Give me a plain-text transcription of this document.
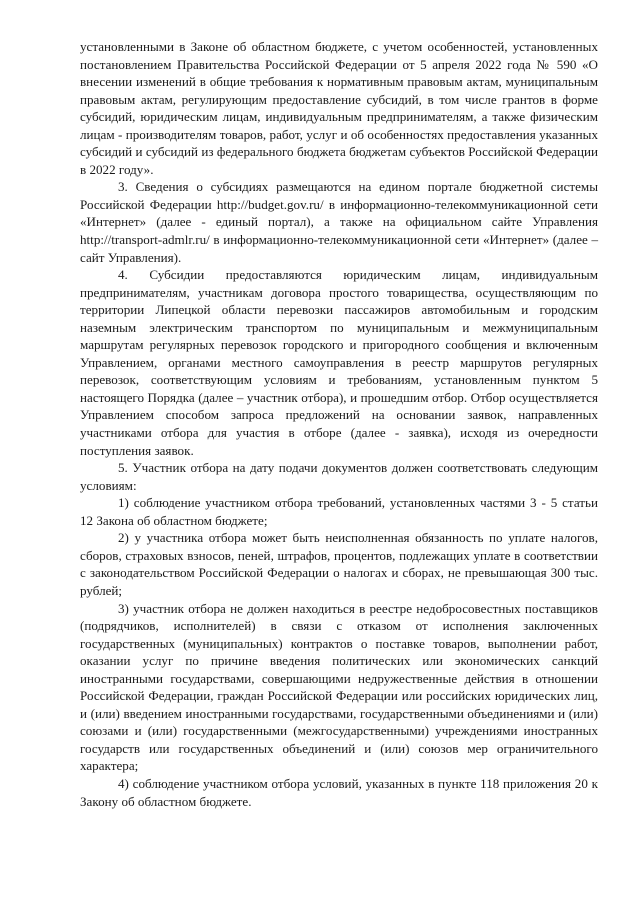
установленными в Законе об областном бюджете, с учетом особенностей, установленных постановлением Правительства Российской Федерации от 5 апреля 2022 года № 590 «О внесении изменений в общие требования к нормативным правовым актам, муниципальным правовым актам, регулирующим предоставление субсидий, в том числе грантов в форме субсидий, юридическим лицам, индивидуальным предпринимателям, а также физическим лицам - производителям товаров, работ, услуг и об особенностях предоставления указанных субсидий и субсидий из федерального бюджета бюджетам субъектов Российской Федерации в 2022 году».

3. Сведения о субсидиях размещаются на едином портале бюджетной системы Российской Федерации http://budget.gov.ru/ в информационно-телекоммуникационной сети «Интернет» (далее - единый портал), а также на официальном сайте Управления http://transport-admlr.ru/ в информационно-телекоммуникационной сети «Интернет» (далее – сайт Управления).

4. Субсидии предоставляются юридическим лицам, индивидуальным предпринимателям, участникам договора простого товарищества, осуществляющим по территории Липецкой области перевозки пассажиров автомобильным и городским наземным электрическим транспортом по муниципальным и межмуниципальным маршрутам регулярных перевозок городского и пригородного сообщения и включенным Управлением, органами местного самоуправления в реестр маршрутов регулярных перевозок, соответствующим условиям и требованиям, установленным пунктом 5 настоящего Порядка (далее – участник отбора), и прошедшим отбор. Отбор осуществляется Управлением способом запроса предложений на основании заявок, направленных участниками отбора для участия в отборе (далее - заявка), исходя из очередности поступления заявок.

5. Участник отбора на дату подачи документов должен соответствовать следующим условиям:

1) соблюдение участником отбора требований, установленных частями 3 - 5 статьи 12 Закона об областном бюджете;

2) у участника отбора может быть неисполненная обязанность по уплате налогов, сборов, страховых взносов, пеней, штрафов, процентов, подлежащих уплате в соответствии с законодательством Российской Федерации о налогах и сборах, не превышающая 300 тыс. рублей;

3) участник отбора не должен находиться в реестре недобросовестных поставщиков (подрядчиков, исполнителей) в связи с отказом от исполнения заключенных государственных (муниципальных) контрактов о поставке товаров, выполнении работ, оказании услуг по причине введения политических или экономических санкций иностранными государствами, совершающими недружественные действия в отношении Российской Федерации, граждан Российской Федерации или российских юридических лиц, и (или) введением иностранными государствами, государственными объединениями и (или) союзами и (или) государственными (межгосударственными) учреждениями иностранных государств или государственных объединений и (или) союзов мер ограничительного характера;

4) соблюдение участником отбора условий, указанных в пункте 118 приложения 20 к Закону об областном бюджете.
